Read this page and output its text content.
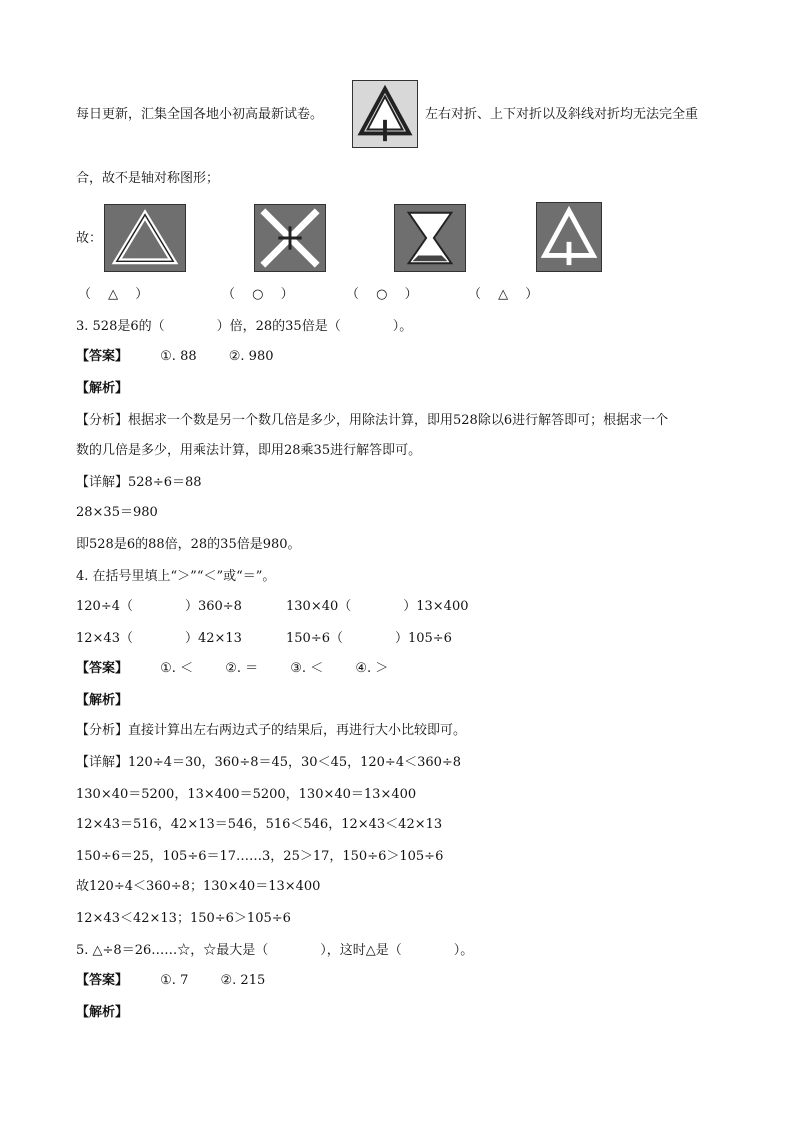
每日更新，汇集全国各地小初高最新试卷。	左右对折、上下对折以及斜线对折均无法完全重
合，故不是轴对称图形；
故：
（　 △　 ）	（　 ○　 ）	（　 ○　 ）	（　 △　 ）
3. 528是6的（　　　　）倍，28的35倍是（　　　　）。
【答案】 ①. 88 ②. 980
【解析】
【分析】根据求一个数是另一个数几倍是多少，用除法计算，即用528除以6进行解答即可；根据求一个
数的几倍是多少，用乘法计算，即用28乘35进行解答即可。
【详解】528÷6＝88
28×35＝980
即528是6的88倍，28的35倍是980。
4. 在括号里填上“＞”“＜”或“＝”。
120÷4（　　　　）360÷8	130×40（　　　　）13×400
12×43（　　　　）42×13	150÷6（　　　　）105÷6
【答案】 ①. ＜ ②. ＝ ③. ＜ ④. ＞
【解析】
【分析】直接计算出左右两边式子的结果后，再进行大小比较即可。
【详解】120÷4＝30，360÷8＝45，30＜45，120÷4＜360÷8
130×40＝5200，13×400＝5200，130×40＝13×400
12×43＝516，42×13＝546，516＜546，12×43＜42×13
150÷6＝25，105÷6＝17……3，25＞17，150÷6＞105÷6
故120÷4＜360÷8；130×40＝13×400
12×43＜42×13；150÷6＞105÷6
5. △÷8＝26……☆，☆最大是（　　　　），这时△是（　　　　）。
【答案】 ①. 7 ②. 215
【解析】
